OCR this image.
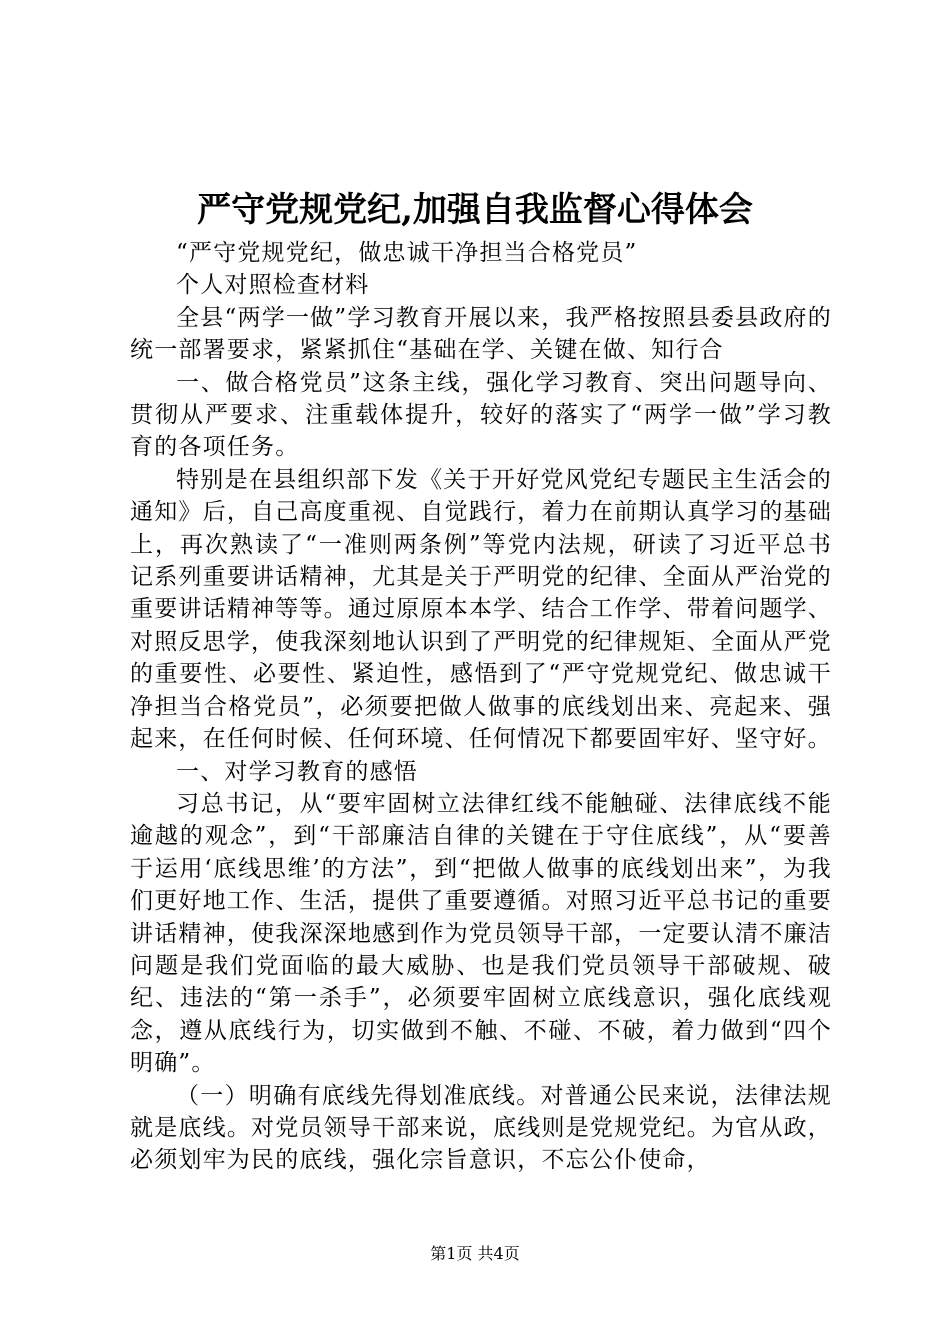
严守党规党纪,加强自我监督心得体会

“严守党规党纪，做忠诚干净担当合格党员”

个人对照检查材料

全县“两学一做”学习教育开展以来，我严格按照县委县政府的统一部署要求，紧紧抓住“基础在学、关键在做、知行合

一、做合格党员”这条主线，强化学习教育、突出问题导向、贯彻从严要求、注重载体提升，较好的落实了“两学一做”学习教育的各项任务。

特别是在县组织部下发《关于开好党风党纪专题民主生活会的通知》后，自己高度重视、自觉践行，着力在前期认真学习的基础上，再次熟读了“一准则两条例”等党内法规，研读了习近平总书记系列重要讲话精神，尤其是关于严明党的纪律、全面从严治党的重要讲话精神等等。通过原原本本学、结合工作学、带着问题学、对照反思学，使我深刻地认识到了严明党的纪律规矩、全面从严党的重要性、必要性、紧迫性，感悟到了“严守党规党纪、做忠诚干净担当合格党员”，必须要把做人做事的底线划出来、亮起来、强起来，在任何时候、任何环境、任何情况下都要固牢好、坚守好。

一、对学习教育的感悟

习总书记，从“要牢固树立法律红线不能触碰、法律底线不能逾越的观念”，到“干部廉洁自律的关键在于守住底线”，从“要善于运用‘底线思维’的方法”，到“把做人做事的底线划出来”，为我们更好地工作、生活，提供了重要遵循。对照习近平总书记的重要讲话精神，使我深深地感到作为党员领导干部，一定要认清不廉洁问题是我们党面临的最大威胁、也是我们党员领导干部破规、破纪、违法的“第一杀手”，必须要牢固树立底线意识，强化底线观念，遵从底线行为，切实做到不触、不碰、不破，着力做到“四个明确”。

（一）明确有底线先得划准底线。对普通公民来说，法律法规就是底线。对党员领导干部来说，底线则是党规党纪。为官从政，必须划牢为民的底线，强化宗旨意识，不忘公仆使命，

第1页 共4页
